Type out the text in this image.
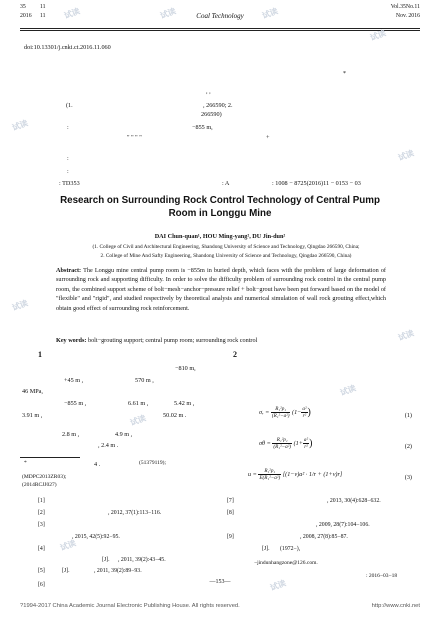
35	11
2016	11	Coal Technology
Vol.35No.11
Nov. 2016
doi:10.13301/j.cnki.ct.2016.11.060
*
, ,
(1.	, 266590; 2.
266590)
:	−855 m,
" " " "	+
:
:
: TD353	: A	: 1008 − 8725(2016)11 − 0153 − 03
Research on Surrounding Rock Control Technology of Central Pump
Room in Longgu Mine
DAI Chun-quan¹, HOU Ming-yang², DU Jin-dun²
(1. College of Civil and Architectural Engineering, Shandong University of Science and Technology, Qingdao 266590, China;
2. College of Mine And Safty Engineering, Shandong University of Science and Technology, Qingdao 266590, China)
Abstract: The Longgu mine central pump room is −855m in buried depth, which faces with the problem of large deformation of surrounding rock and supporting difficulty. In order to solve the difficulty problem of surrounding rock control in the central pump room, the combined support scheme of bolt−mesh−anchor−pressure relief + bolt−grout have been put forward based on the model of "flexible" and "rigid", and studied respectively by theoretical analysis and numerical simulation of wall rock grouting effect,which obtain good effect of surrounding rock reinforcement.
Key words: bolt−grouting support; central pump room; surrounding rock control
1	2
−810 m,
+45 m ,	570 m ,
46 MPa,
−855 m ,	6.61 m ,	5.42 m ,
3.91 m ,	50.02 m .
2.8 m ,	4.9 m ,
, 2.4 m .
4 .
σᵣ = $\frac{\text{R₁²p₁}}{\text{(R₁²−a²)}} (1- \frac{\text{a²}}{\text{r²}}$ )	(1)
$\sigma\theta = \frac{\text{R₁²p₁}}{\text{(R₁²−a²)}} (1+ \frac{\text{a²}}{\text{r²}}$ )	(2)
$u = \frac{\text{R₁²p₁}}{\text{E(R₁²−a²)}} [(1-\nu)a^2 \cdot 1/r + (1+\nu)r]$	(3)
*	(51379119);
(MDPC2013ZR03);
(2014RCJJ027)
−jindunhangzone@126.com.
: 2016−03−18
[1]
, 2012, 37(1):113−116.
[2]
[3]
, 2015, 42(5):92−95.
[4]
[J]. , 2011, 39(2):43−45.
[5]	[J].	, 2011, 39(2):89−93.
[6]
[7]	, 2013, 30(4):628−632.
[8]
, 2009, 28(7):104−106.
[9]
[J].
, 2008, 27(8):85−87.
(1972−),
—153—
?1994-2017 China Academic Journal Electronic Publishing House. All rights reserved.	http://www.cnki.net
试读	试读	试读
试读
试读
试读
试读
试读
试读
试读
试读
试读
